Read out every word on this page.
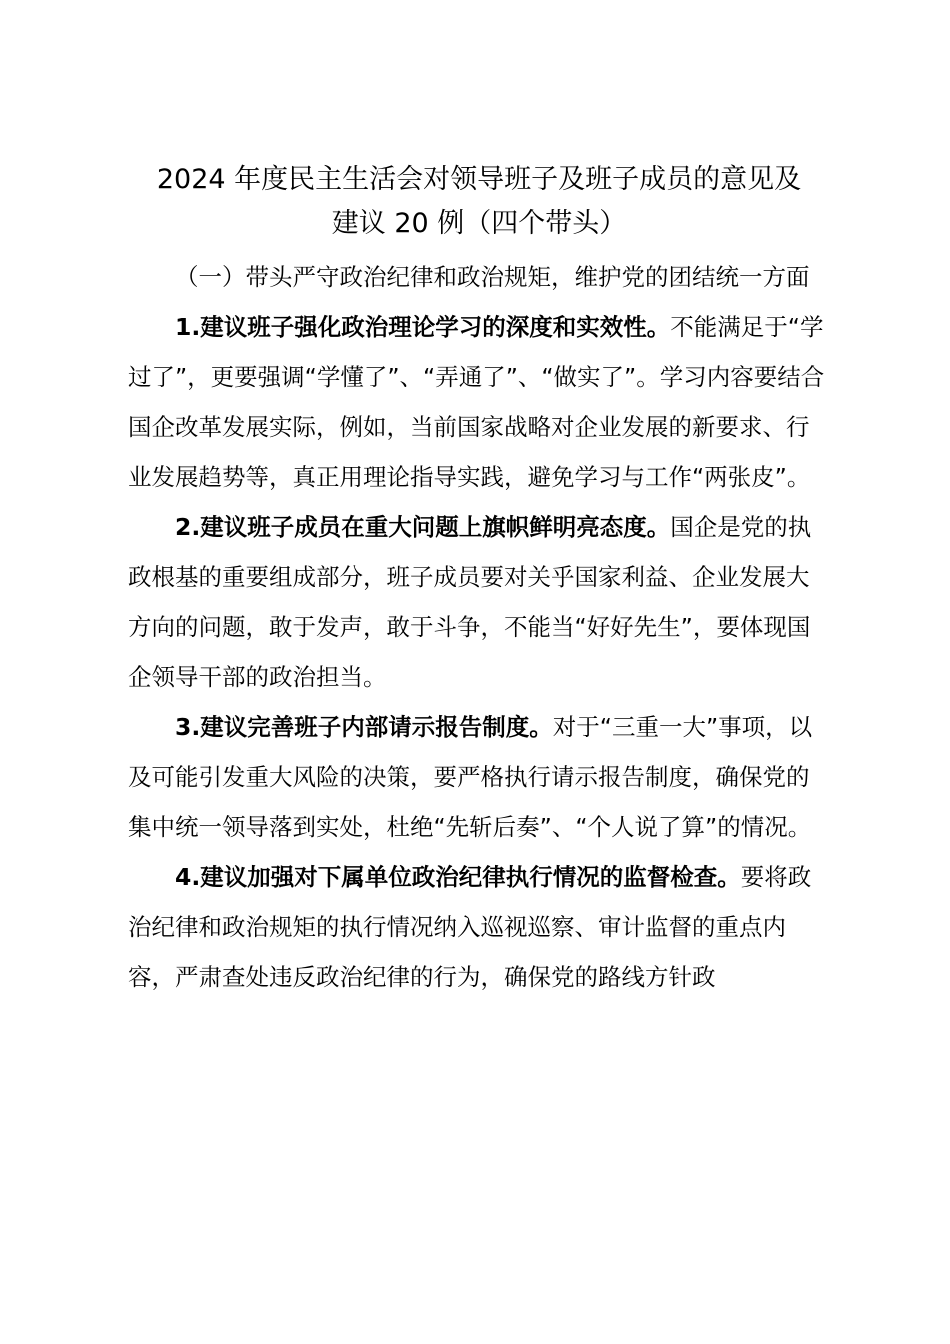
2024 年度民主生活会对领导班子及班子成员的意见及
建议 20 例（四个带头）

（一）带头严守政治纪律和政治规矩，维护党的团结统一方面

1.建议班子强化政治理论学习的深度和实效性。不能满足于“学过了”，更要强调“学懂了”、“弄通了”、“做实了”。学习内容要结合国企改革发展实际，例如，当前国家战略对企业发展的新要求、行业发展趋势等，真正用理论指导实践，避免学习与工作“两张皮”。

2.建议班子成员在重大问题上旗帜鲜明亮态度。国企是党的执政根基的重要组成部分，班子成员要对关乎国家利益、企业发展大方向的问题，敢于发声，敢于斗争，不能当“好好先生”，要体现国企领导干部的政治担当。

3.建议完善班子内部请示报告制度。对于“三重一大”事项，以及可能引发重大风险的决策，要严格执行请示报告制度，确保党的集中统一领导落到实处，杜绝“先斩后奏”、“个人说了算”的情况。

4.建议加强对下属单位政治纪律执行情况的监督检查。要将政治纪律和政治规矩的执行情况纳入巡视巡察、审计监督的重点内容，严肃查处违反政治纪律的行为，确保党的路线方针政
